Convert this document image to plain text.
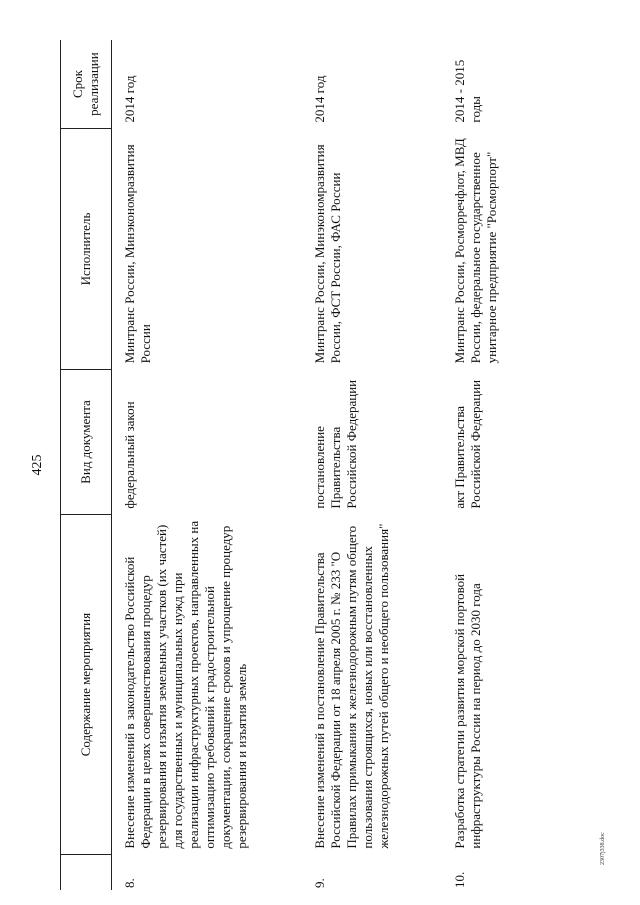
425
	Содержание мероприятия	Вид документа	Исполнитель	Срок реализации
8.	Внесение изменений в законодательство Российской Федерации в целях совершенствования процедур резервирования и изъятия земельных участков (их частей) для государственных и муниципальных нужд при реализации инфраструктурных проектов, направленных на оптимизацию требований к градостроительной документации, сокращение сроков и упрощение процедур резервирования и изъятия земель	федеральный закон	Минтранс России, Минэкономразвития России	2014 год
9.	Внесение изменений в постановление Правительства Российской Федерации от 18 апреля 2005 г. № 233 "О Правилах примыкания к железнодорожным путям общего пользования строящихся, новых или восстановленных железнодорожных путей общего и необщего пользования"	постановление Правительства Российской Федерации	Минтранс России, Минэкономразвития России, ФСТ России, ФАС России	2014 год
10.	Разработка стратегии развития морской портовой инфраструктуры России на период до 2030 года	акт Правительства Российской Федерации	Минтранс России, Росморречфлот, МВД России, федеральное государственное унитарное предприятие "Росморпорт"	2014 - 2015 годы
2307j338.doc
